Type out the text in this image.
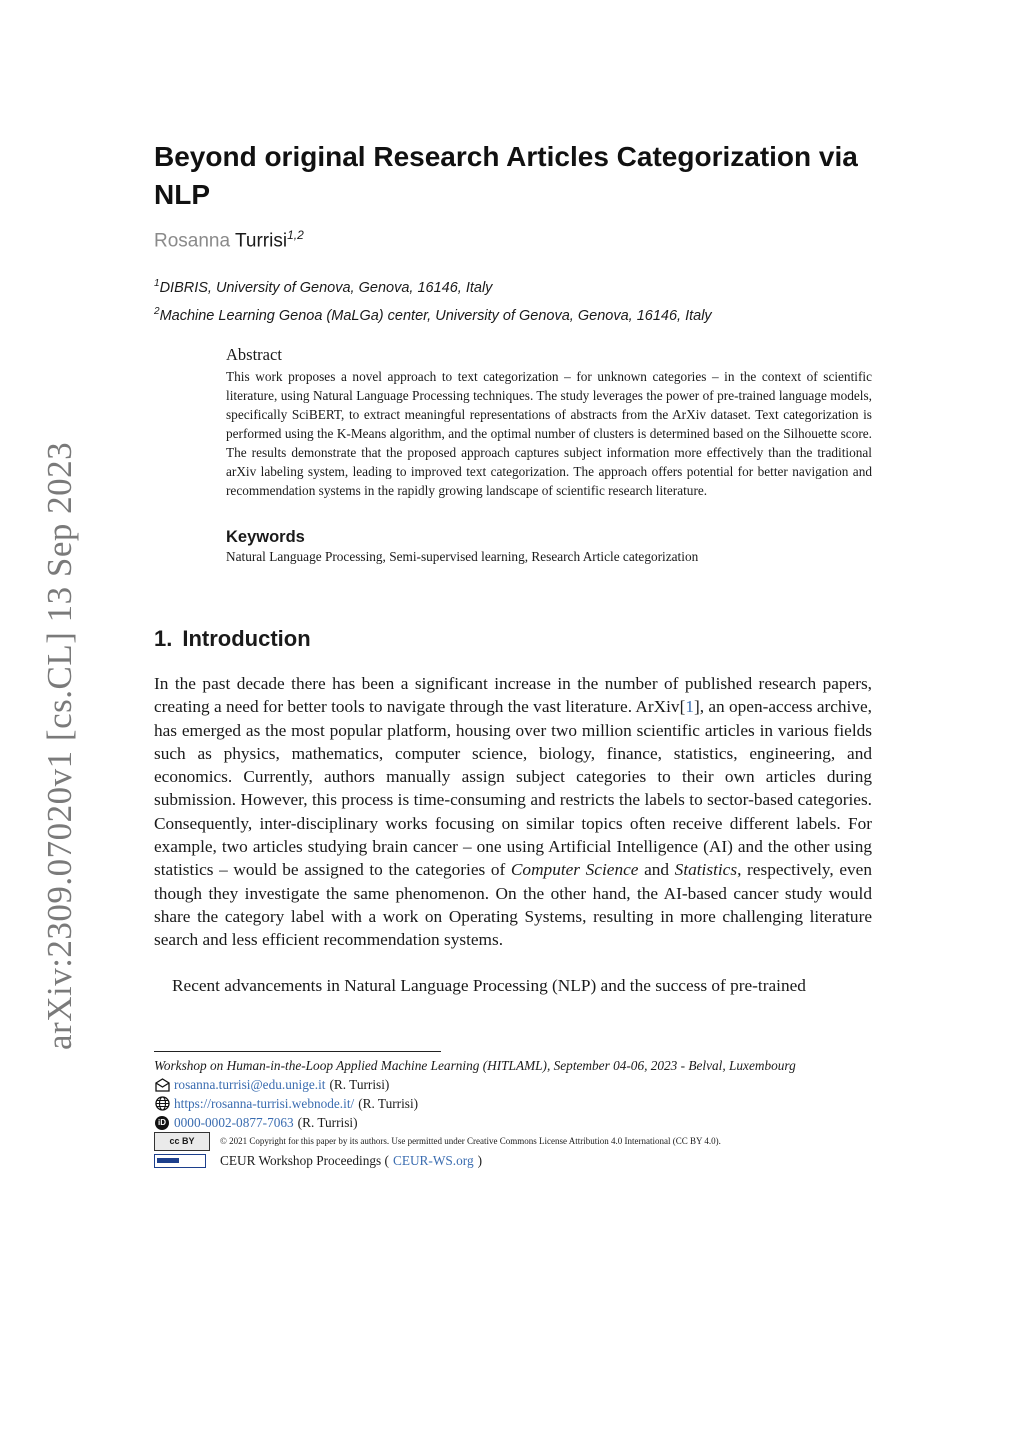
arXiv:2309.07020v1 [cs.CL] 13 Sep 2023
Beyond original Research Articles Categorization via NLP
Rosanna Turrisi$^{1,2}$
$^1$DIBRIS, University of Genova, Genova, 16146, Italy
$^2$Machine Learning Genoa (MaLGa) center, University of Genova, Genova, 16146, Italy
Abstract
This work proposes a novel approach to text categorization – for unknown categories – in the context of scientific literature, using Natural Language Processing techniques. The study leverages the power of pre-trained language models, specifically SciBERT, to extract meaningful representations of abstracts from the ArXiv dataset. Text categorization is performed using the K-Means algorithm, and the optimal number of clusters is determined based on the Silhouette score. The results demonstrate that the proposed approach captures subject information more effectively than the traditional arXiv labeling system, leading to improved text categorization. The approach offers potential for better navigation and recommendation systems in the rapidly growing landscape of scientific research literature.
Keywords
Natural Language Processing, Semi-supervised learning, Research Article categorization
1. Introduction

In the past decade there has been a significant increase in the number of published research papers, creating a need for better tools to navigate through the vast literature. ArXiv[1], an open-access archive, has emerged as the most popular platform, housing over two million scientific articles in various fields such as physics, mathematics, computer science, biology, finance, statistics, engineering, and economics. Currently, authors manually assign subject categories to their own articles during submission. However, this process is time-consuming and restricts the labels to sector-based categories. Consequently, inter-disciplinary works focusing on similar topics often receive different labels. For example, two articles studying brain cancer – one using Artificial Intelligence (AI) and the other using statistics – would be assigned to the categories of Computer Science and Statistics, respectively, even though they investigate the same phenomenon. On the other hand, the AI-based cancer study would share the category label with a work on Operating Systems, resulting in more challenging literature search and less efficient recommendation systems.

Recent advancements in Natural Language Processing (NLP) and the success of pre-trained

Workshop on Human-in-the-Loop Applied Machine Learning (HITLAML), September 04-06, 2023 - Belval, Luxembourg
rosanna.turrisi@edu.unige.it (R. Turrisi)
https://rosanna-turrisi.webnode.it/ (R. Turrisi)
iD 0000-0002-0877-7063 (R. Turrisi)
cc BY	© 2021 Copyright for this paper by its authors. Use permitted under Creative Commons License Attribution 4.0 International (CC BY 4.0).
CEUR Workshop Proceedings ( CEUR-WS.org )
